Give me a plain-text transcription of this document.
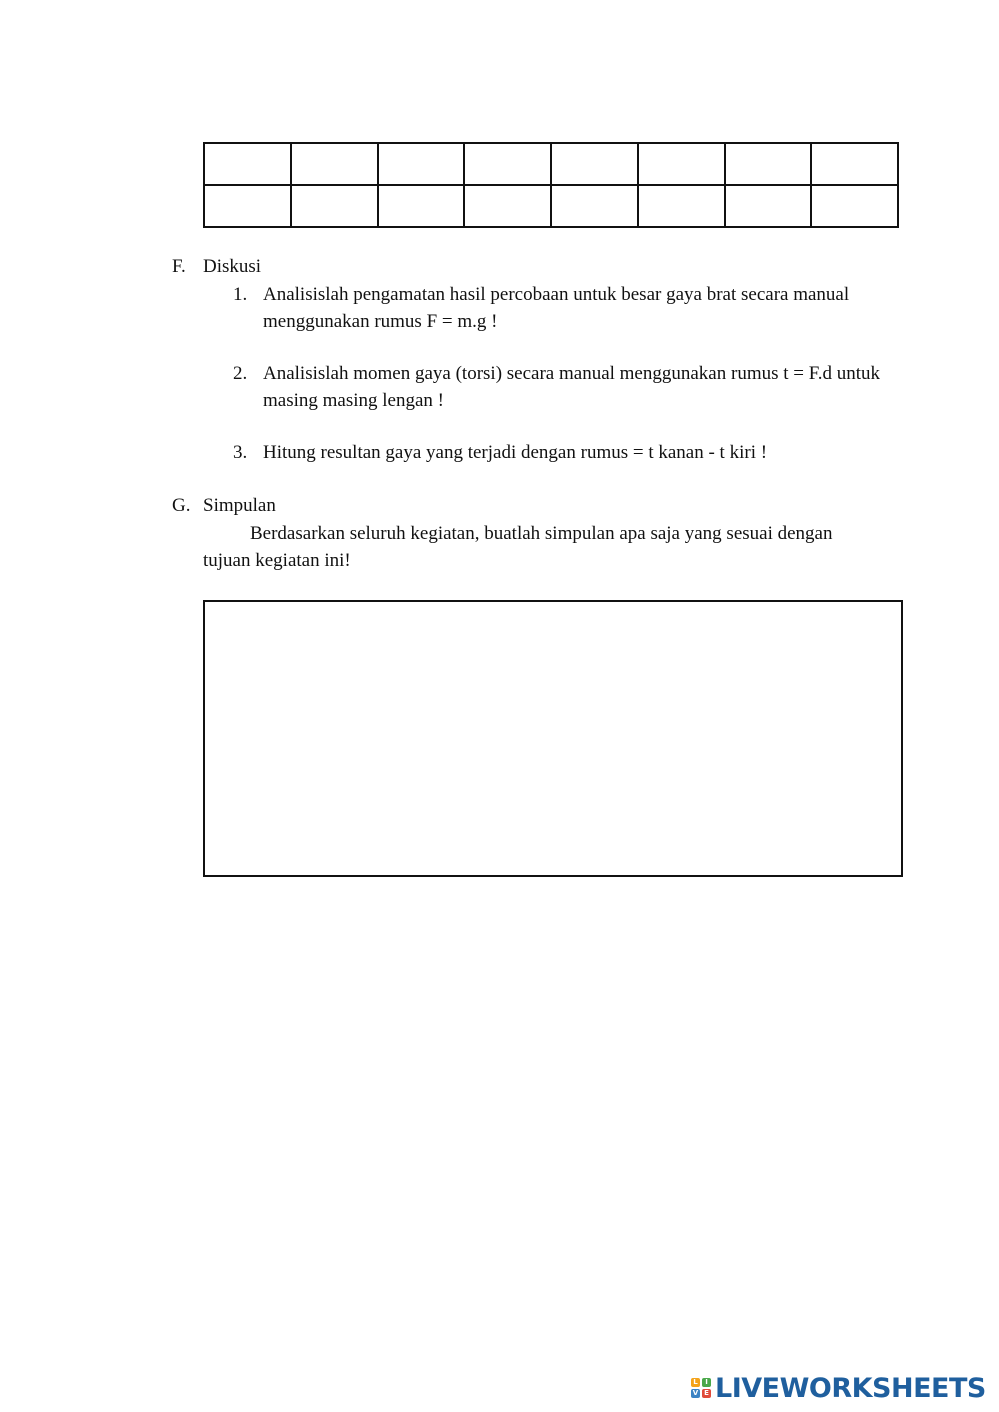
F. Diskusi
1. Analisislah pengamatan hasil percobaan untuk besar gaya brat secara manual menggunakan rumus F = m.g !
2. Analisislah momen gaya (torsi) secara manual menggunakan rumus t = F.d untuk masing masing lengan !
3. Hitung resultan gaya yang terjadi dengan rumus = t kanan - t kiri !
G. Simpulan
Berdasarkan seluruh kegiatan, buatlah simpulan apa saja yang sesuai dengan tujuan kegiatan ini!
L	I
V E LIVEWORKSHEETS
